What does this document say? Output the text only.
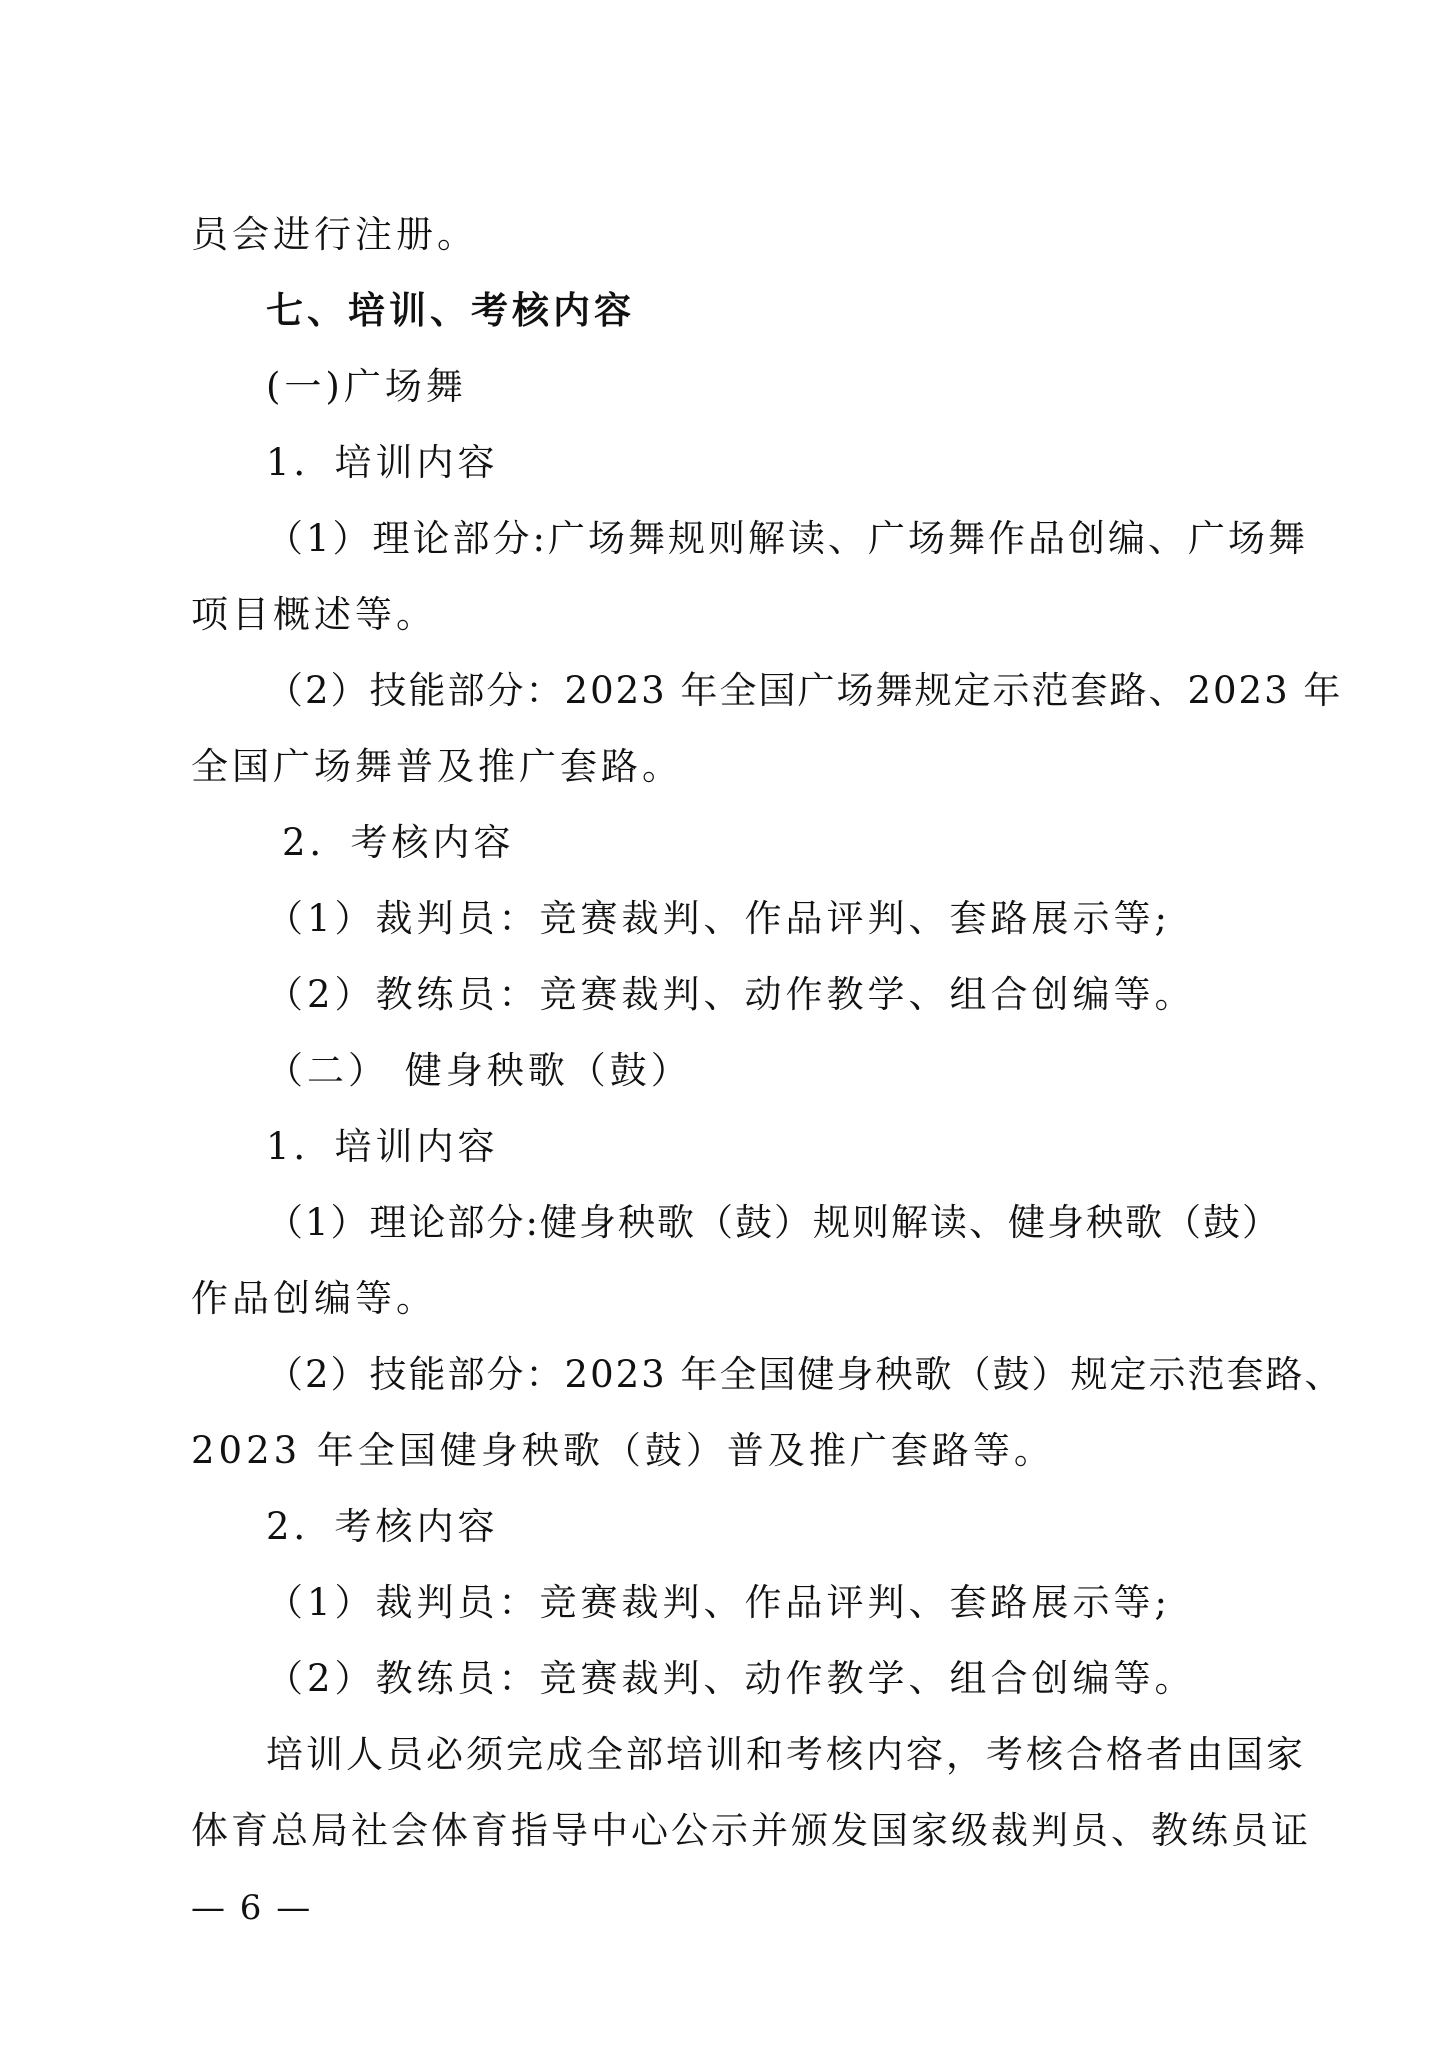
员会进行注册。
七、培训、考核内容
(一)广场舞
1．培训内容
（1）理论部分:广场舞规则解读、广场舞作品创编、广场舞
项目概述等。
（2）技能部分：2023 年全国广场舞规定示范套路、2023 年
全国广场舞普及推广套路。
2．考核内容
（1）裁判员：竞赛裁判、作品评判、套路展示等;
（2）教练员：竞赛裁判、动作教学、组合创编等。
（二） 健身秧歌（鼓）
1．培训内容
（1）理论部分:健身秧歌（鼓）规则解读、健身秧歌（鼓）
作品创编等。
（2）技能部分：2023 年全国健身秧歌（鼓）规定示范套路、
2023 年全国健身秧歌（鼓）普及推广套路等。
2．考核内容
（1）裁判员：竞赛裁判、作品评判、套路展示等;
（2）教练员：竞赛裁判、动作教学、组合创编等。
培训人员必须完成全部培训和考核内容，考核合格者由国家
体育总局社会体育指导中心公示并颁发国家级裁判员、教练员证
— 6 —
